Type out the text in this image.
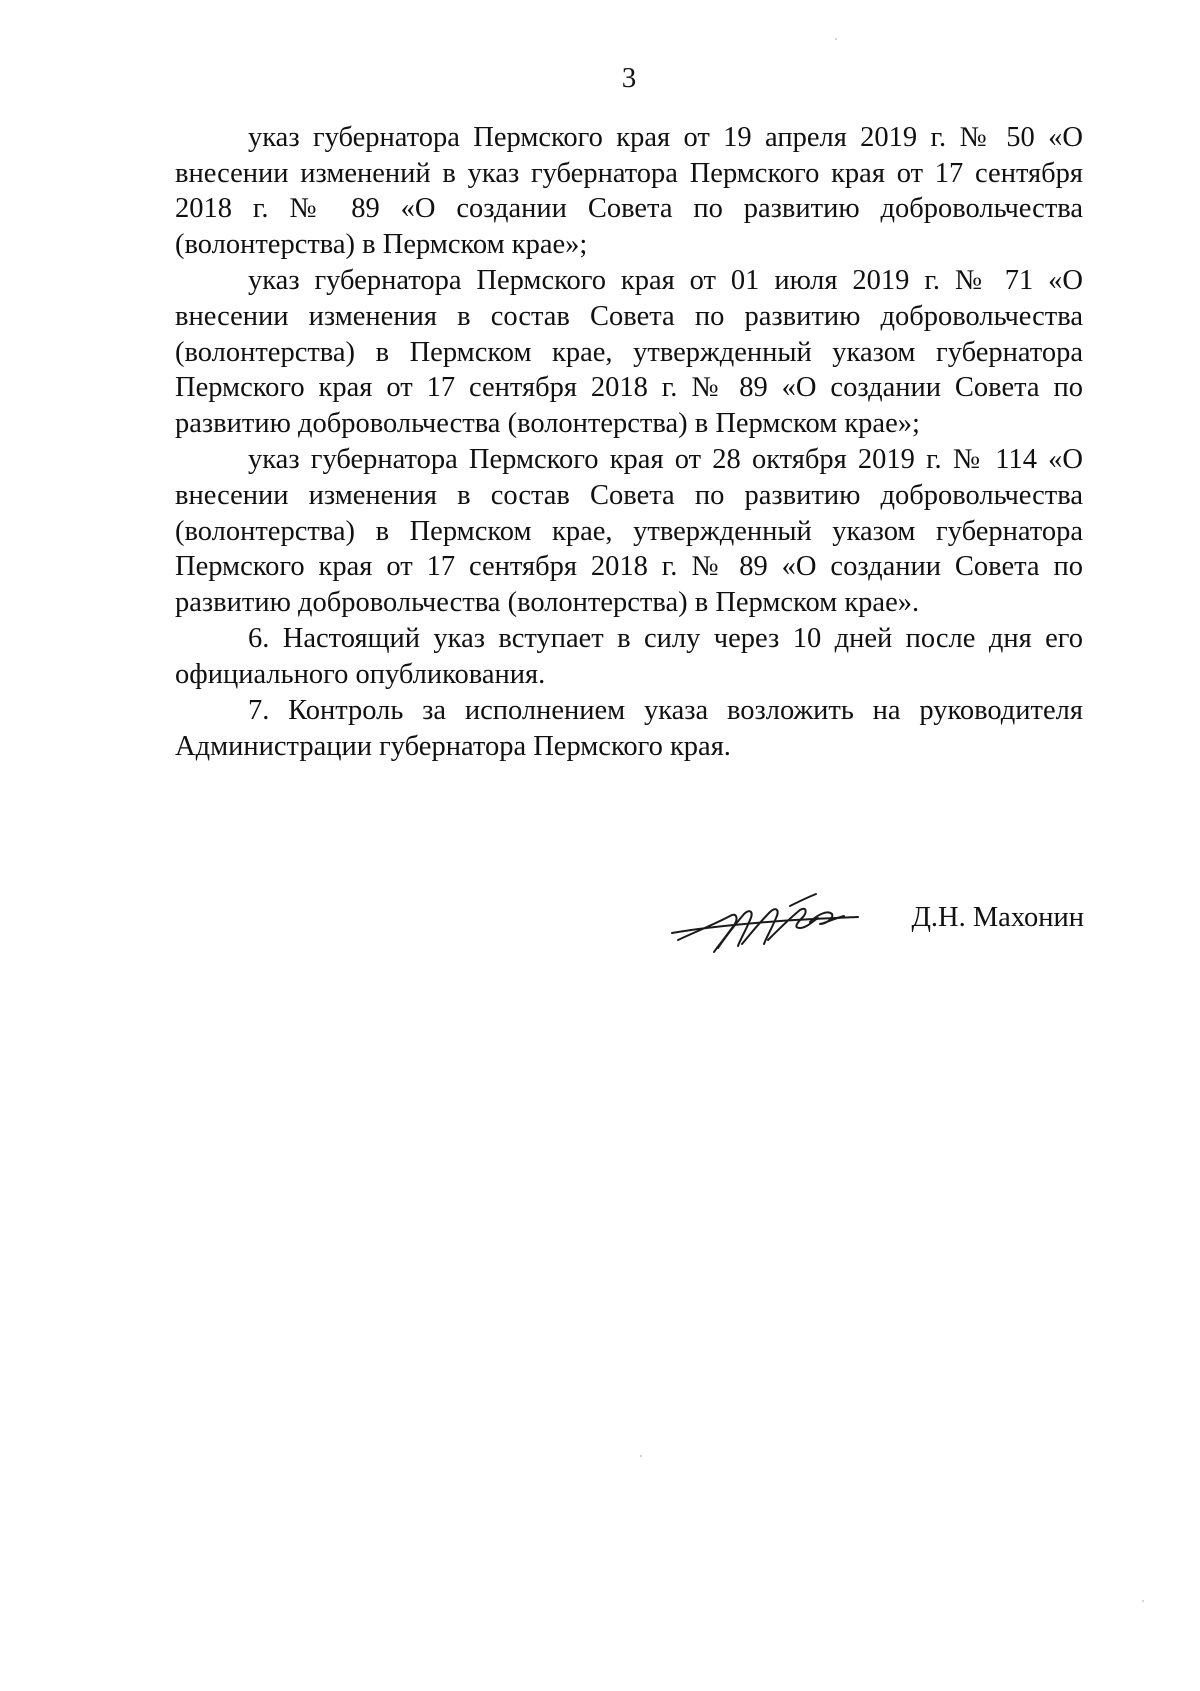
3

указ губернатора Пермского края от 19 апреля 2019 г. № 50 «О внесении изменений в указ губернатора Пермского края от 17 сентября 2018 г. № 89 «О создании Совета по развитию добровольчества (волонтерства) в Пермском крае»;

указ губернатора Пермского края от 01 июля 2019 г. № 71 «О внесении изменения в состав Совета по развитию добровольчества (волонтерства) в Пермском крае, утвержденный указом губернатора Пермского края от 17 сентября 2018 г. № 89 «О создании Совета по развитию добровольчества (волонтерства) в Пермском крае»;

указ губернатора Пермского края от 28 октября 2019 г. № 114 «О внесении изменения в состав Совета по развитию добровольчества (волонтерства) в Пермском крае, утвержденный указом губернатора Пермского края от 17 сентября 2018 г. № 89 «О создании Совета по развитию добровольчества (волонтерства) в Пермском крае».

6. Настоящий указ вступает в силу через 10 дней после дня его официального опубликования.

7. Контроль за исполнением указа возложить на руководителя Администрации губернатора Пермского края.

Д.Н. Махонин
